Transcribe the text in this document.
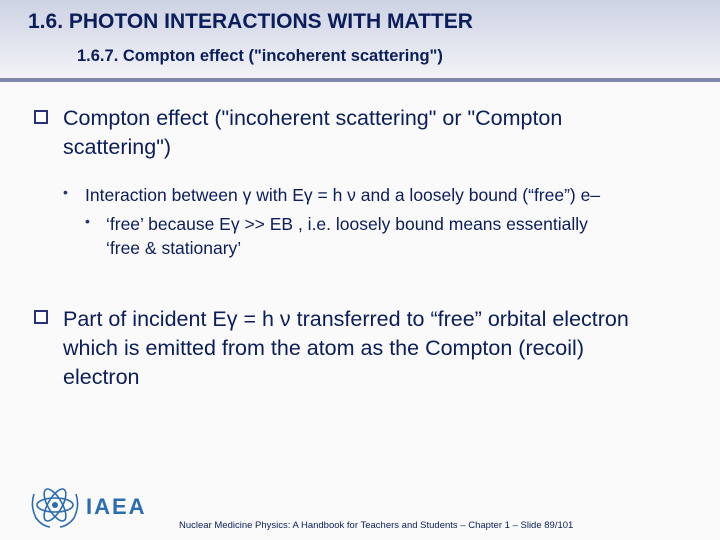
1.6. PHOTON INTERACTIONS WITH MATTER
1.6.7. Compton effect ("incoherent scattering")
Compton effect ("incoherent scattering" or "Compton
scattering")
• Interaction between γ with Eγ = h ν and a loosely bound (“free”) e–
• ‘free’ because Eγ >> EB , i.e. loosely bound means essentially
‘free & stationary’
Part of incident Eγ = h ν transferred to “free” orbital electron
which is emitted from the atom as the Compton (recoil)
electron
IAEA
Nuclear Medicine Physics: A Handbook for Teachers and Students – Chapter 1 – Slide 89/101
